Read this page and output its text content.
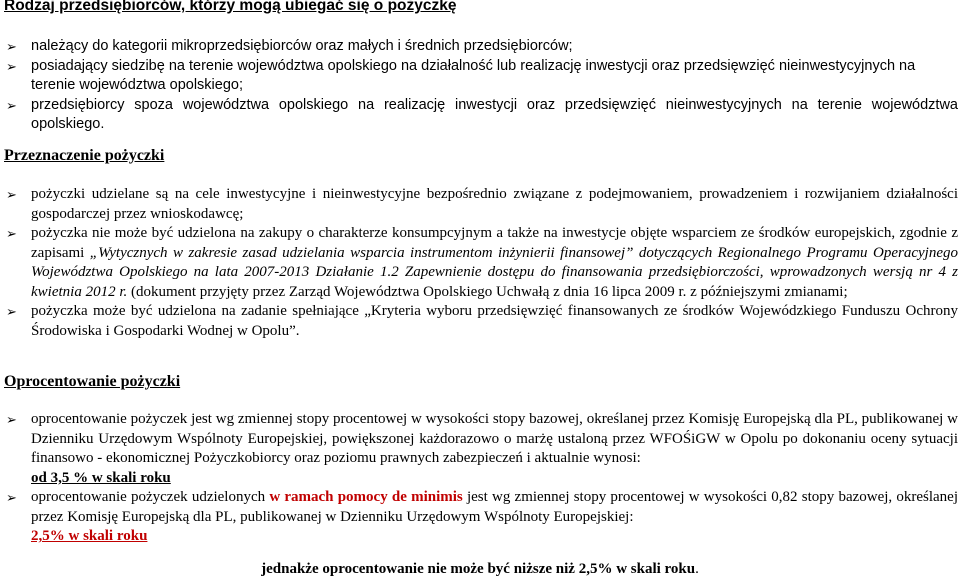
Rodzaj przedsiębiorców, którzy mogą ubiegać się o pożyczkę
➢ należący do kategorii mikroprzedsiębiorców oraz małych i średnich przedsiębiorców;
➢ posiadający siedzibę na terenie województwa opolskiego na działalność lub realizację inwestycji oraz przedsięwzięć nieinwestycyjnych na terenie województwa opolskiego;
➢ przedsiębiorcy spoza województwa opolskiego na realizację inwestycji oraz przedsięwzięć nieinwestycyjnych na terenie województwa opolskiego.
Przeznaczenie pożyczki
➢ pożyczki udzielane są na cele inwestycyjne i nieinwestycyjne bezpośrednio związane z podejmowaniem, prowadzeniem i rozwijaniem działalności gospodarczej przez wnioskodawcę;
➢ pożyczka nie może być udzielona na zakupy o charakterze konsumpcyjnym a także na inwestycje objęte wsparciem ze środków europejskich, zgodnie z zapisami „Wytycznych w zakresie zasad udzielania wsparcia instrumentom inżynierii finansowej” dotyczących Regionalnego Programu Operacyjnego Województwa Opolskiego na lata 2007-2013 Działanie 1.2 Zapewnienie dostępu do finansowania przedsiębiorczości, wprowadzonych wersją nr 4 z kwietnia 2012 r. (dokument przyjęty przez Zarząd Województwa Opolskiego Uchwałą z dnia 16 lipca 2009 r. z późniejszymi zmianami;
➢ pożyczka może być udzielona na zadanie spełniające „Kryteria wyboru przedsięwzięć finansowanych ze środków Wojewódzkiego Funduszu Ochrony Środowiska i Gospodarki Wodnej w Opolu”.
Oprocentowanie pożyczki
➢ oprocentowanie pożyczek jest wg zmiennej stopy procentowej w wysokości stopy bazowej, określanej przez Komisję Europejską dla PL, publikowanej w Dzienniku Urzędowym Wspólnoty Europejskiej, powiększonej każdorazowo o marżę ustaloną przez WFOŚiGW w Opolu po dokonaniu oceny sytuacji finansowo - ekonomicznej Pożyczkobiorcy oraz poziomu prawnych zabezpieczeń i aktualnie wynosi:
od 3,5 % w skali roku
➢ oprocentowanie pożyczek udzielonych w ramach pomocy de minimis jest wg zmiennej stopy procentowej w wysokości 0,82 stopy bazowej, określanej przez Komisję Europejską dla PL, publikowanej w Dzienniku Urzędowym Wspólnoty Europejskiej:
2,5% w skali roku
jednakże oprocentowanie nie może być niższe niż 2,5% w skali roku.
